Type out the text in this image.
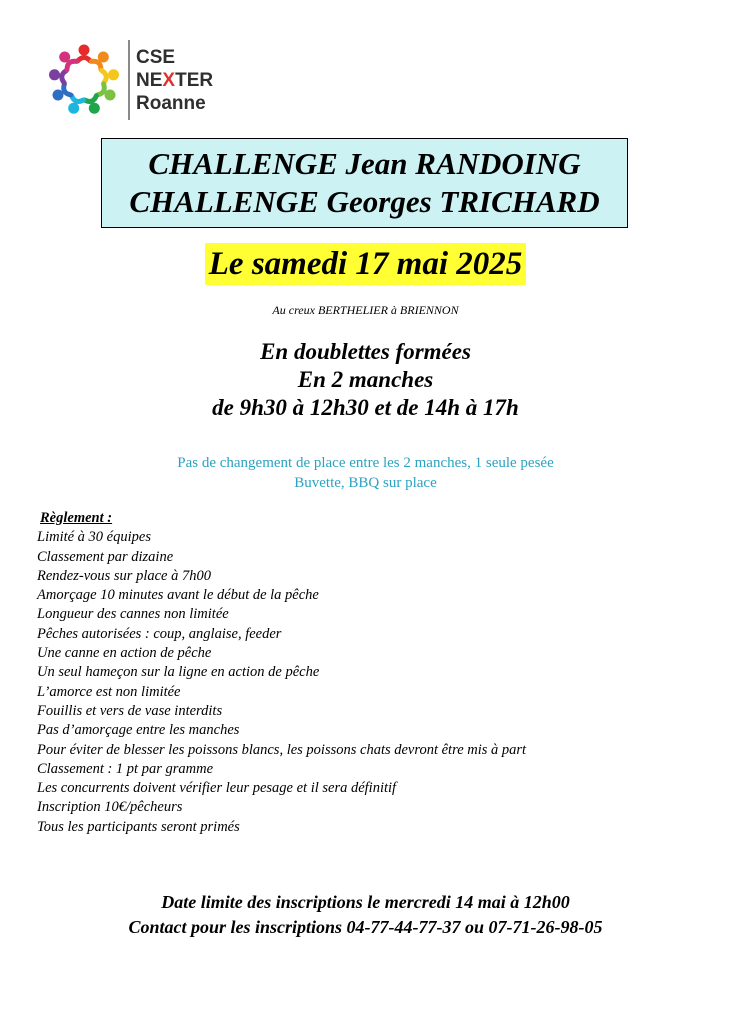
CSE
NEXTER
Roanne
CHALLENGE Jean RANDOING
CHALLENGE Georges TRICHARD
Le samedi 17 mai 2025
Au creux BERTHELIER à BRIENNON
En doublettes formées
En 2 manches
de 9h30 à 12h30 et de 14h à 17h
Pas de changement de place entre les 2 manches, 1 seule pesée
Buvette, BBQ sur place
Règlement :
Limité à 30 équipes
Classement par dizaine
Rendez-vous sur place à 7h00
Amorçage 10 minutes avant le début de la pêche
Longueur des cannes non limitée
Pêches autorisées : coup, anglaise, feeder
Une canne en action de pêche
Un seul hameçon sur la ligne en action de pêche
L’amorce est non limitée
Fouillis et vers de vase interdits
Pas d’amorçage entre les manches
Pour éviter de blesser les poissons blancs, les poissons chats devront être mis à part
Classement : 1 pt par gramme
Les concurrents doivent vérifier leur pesage et il sera définitif
Inscription 10€/pêcheurs
Tous les participants seront primés
Date limite des inscriptions le mercredi 14 mai à 12h00
Contact pour les inscriptions 04-77-44-77-37 ou 07-71-26-98-05
